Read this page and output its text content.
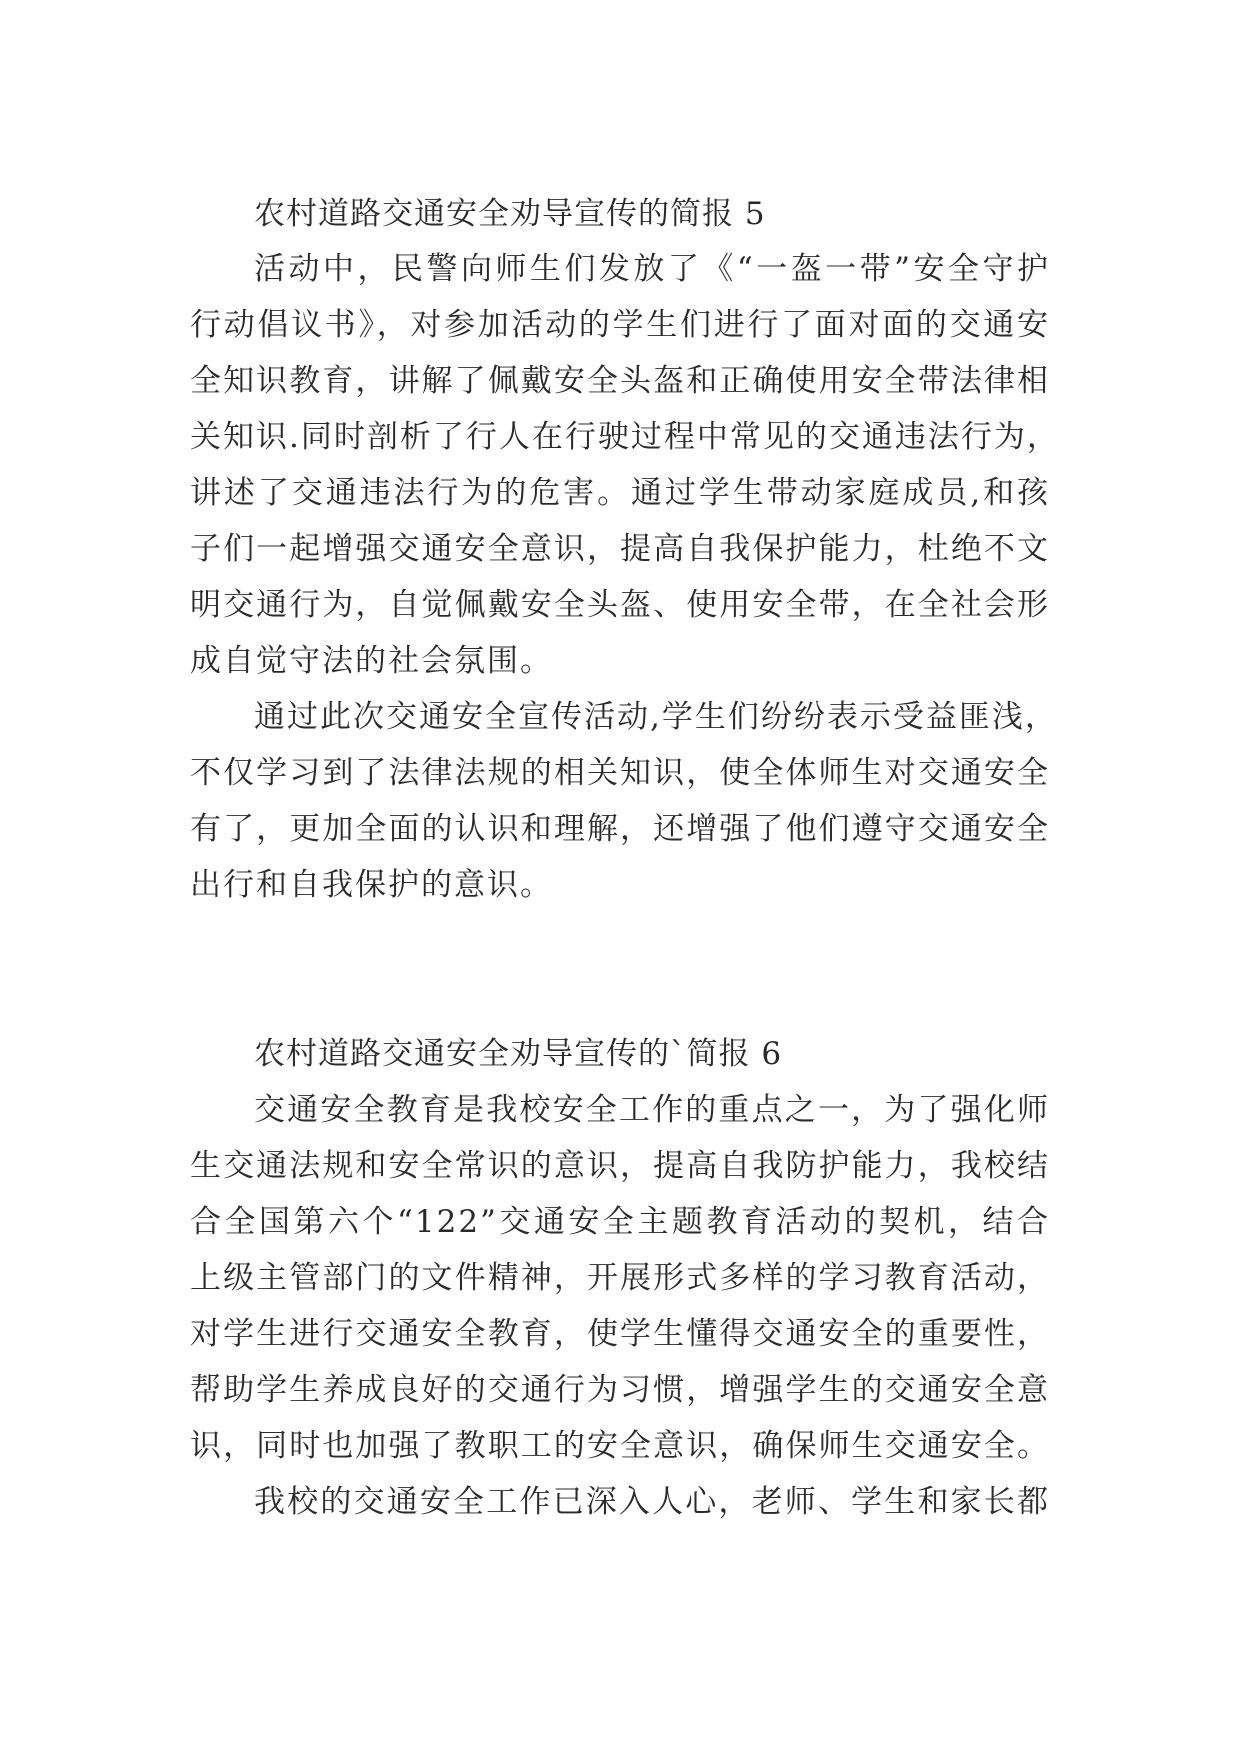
农村道路交通安全劝导宣传的简报 5
活动中，民警向师生们发放了《“一盔一带”安全守护
行动倡议书》，对参加活动的学生们进行了面对面的交通安
全知识教育，讲解了佩戴安全头盔和正确使用安全带法律相
关知识.同时剖析了行人在行驶过程中常见的交通违法行为，
讲述了交通违法行为的危害。通过学生带动家庭成员,和孩
子们一起增强交通安全意识，提高自我保护能力，杜绝不文
明交通行为，自觉佩戴安全头盔、使用安全带，在全社会形
成自觉守法的社会氛围。
通过此次交通安全宣传活动,学生们纷纷表示受益匪浅，
不仅学习到了法律法规的相关知识，使全体师生对交通安全
有了，更加全面的认识和理解，还增强了他们遵守交通安全
出行和自我保护的意识。
农村道路交通安全劝导宣传的`简报 6
交通安全教育是我校安全工作的重点之一，为了强化师
生交通法规和安全常识的意识，提高自我防护能力，我校结
合全国第六个“122”交通安全主题教育活动的契机，结合
上级主管部门的文件精神，开展形式多样的学习教育活动，
对学生进行交通安全教育，使学生懂得交通安全的重要性，
帮助学生养成良好的交通行为习惯，增强学生的交通安全意
识，同时也加强了教职工的安全意识，确保师生交通安全。
我校的交通安全工作已深入人心，老师、学生和家长都
